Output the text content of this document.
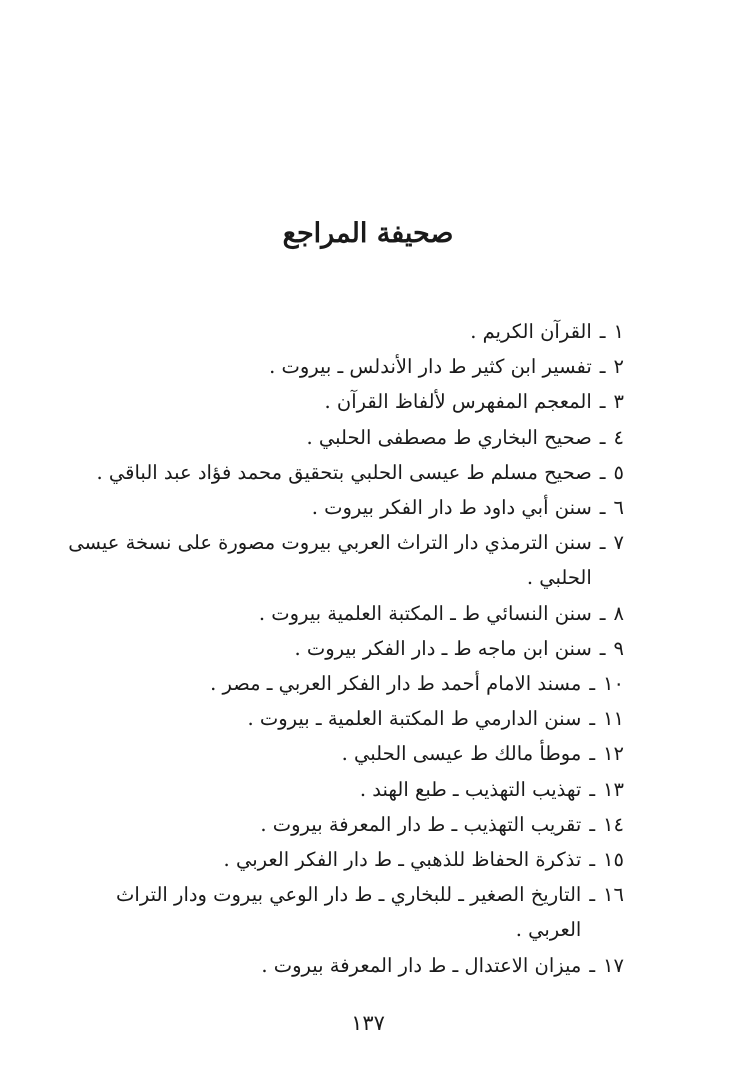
صحيفة المراجع
١
ـ
القرآن الكريم .
٢
ـ
تفسير ابن كثير ط دار الأندلس ـ بيروت .
٣
ـ
المعجم المفهرس لألفاظ القرآن .
٤
ـ
صحيح البخاري ط مصطفى الحلبي .
٥
ـ
صحيح مسلم ط عيسى الحلبي بتحقيق محمد فؤاد عبد الباقي .
٦
ـ
سنن أبي داود ط دار الفكر بيروت .
٧
ـ
سنن الترمذي دار التراث العربي بيروت مصورة على نسخة عيسى
الحلبي .
٨
ـ
سنن النسائي ط ـ المكتبة العلمية بيروت .
٩
ـ
سنن ابن ماجه ط ـ دار الفكر بيروت .
١٠
ـ
مسند الامام أحمد ط دار الفكر العربي ـ مصر .
١١
ـ
سنن الدارمي ط المكتبة العلمية ـ بيروت .
١٢
ـ
موطأ مالك ط عيسى الحلبي .
١٣
ـ
تهذيب التهذيب ـ طبع الهند .
١٤
ـ
تقريب التهذيب ـ ط دار المعرفة بيروت .
١٥
ـ
تذكرة الحفاظ للذهبي ـ ط دار الفكر العربي .
١٦
ـ
التاريخ الصغير ـ للبخاري ـ ط دار الوعي بيروت ودار التراث
العربي .
١٧
ـ
ميزان الاعتدال ـ ط دار المعرفة بيروت .

١٣٧
